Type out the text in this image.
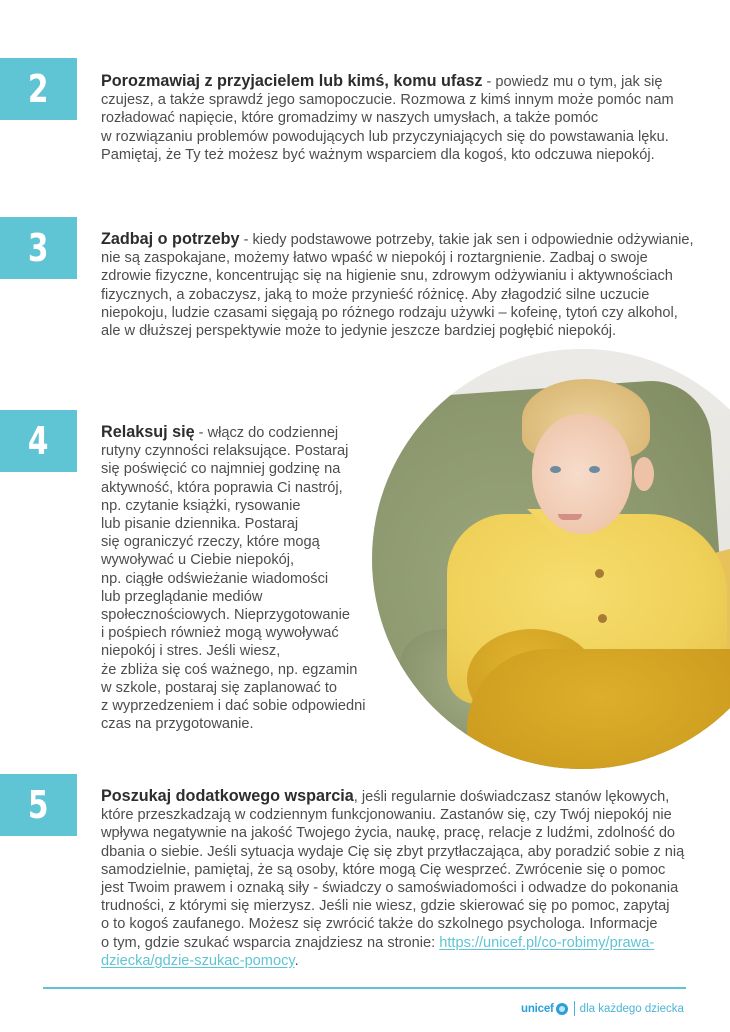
2	Porozmawiaj z przyjacielem lub kimś, komu ufasz - powiedz mu o tym, jak się
czujesz, a także sprawdź jego samopoczucie. Rozmowa z kimś innym może pomóc nam
rozładować napięcie, które gromadzimy w naszych umysłach, a także pomóc
w rozwiązaniu problemów powodujących lub przyczyniających się do powstawania lęku.
Pamiętaj, że Ty też możesz być ważnym wsparciem dla kogoś, kto odczuwa niepokój.

3	Zadbaj o potrzeby - kiedy podstawowe potrzeby, takie jak sen i odpowiednie odżywianie,
nie są zaspokajane, możemy łatwo wpaść w niepokój i roztargnienie. Zadbaj o swoje
zdrowie fizyczne, koncentrując się na higienie snu, zdrowym odżywianiu i aktywnościach
fizycznych, a zobaczysz, jaką to może przynieść różnicę. Aby złagodzić silne uczucie
niepokoju, ludzie czasami sięgają po różnego rodzaju używki – kofeinę, tytoń czy alkohol,
ale w dłuższej perspektywie może to jedynie jeszcze bardziej pogłębić niepokój.

4	Relaksuj się - włącz do codziennej
rutyny czynności relaksujące. Postaraj
się poświęcić co najmniej godzinę na
aktywność, która poprawia Ci nastrój,
np. czytanie książki, rysowanie
lub pisanie dziennika. Postaraj
się ograniczyć rzeczy, które mogą
wywoływać u Ciebie niepokój,
np. ciągłe odświeżanie wiadomości
lub przeglądanie mediów
społecznościowych. Nieprzygotowanie
i pośpiech również mogą wywoływać
niepokój i stres. Jeśli wiesz,
że zbliża się coś ważnego, np. egzamin
w szkole, postaraj się zaplanować to
z wyprzedzeniem i dać sobie odpowiedni
czas na przygotowanie.

5	Poszukaj dodatkowego wsparcia, jeśli regularnie doświadczasz stanów lękowych,
które przeszkadzają w codziennym funkcjonowaniu. Zastanów się, czy Twój niepokój nie
wpływa negatywnie na jakość Twojego życia, naukę, pracę, relacje z ludźmi, zdolność do
dbania o siebie. Jeśli sytuacja wydaje Cię się zbyt przytłaczająca, aby poradzić sobie z nią
samodzielnie, pamiętaj, że są osoby, które mogą Cię wesprzeć. Zwrócenie się o pomoc
jest Twoim prawem i oznaką siły - świadczy o samoświadomości i odwadze do pokonania
trudności, z którymi się mierzysz. Jeśli nie wiesz, gdzie skierować się po pomoc, zapytaj
o to kogoś zaufanego. Możesz się zwrócić także do szkolnego psychologa. Informacje
o tym, gdzie szukać wsparcia znajdziesz na stronie: https://unicef.pl/co-robimy/prawa-
dziecka/gdzie-szukac-pomocy.

unicef dla każdego dziecka
